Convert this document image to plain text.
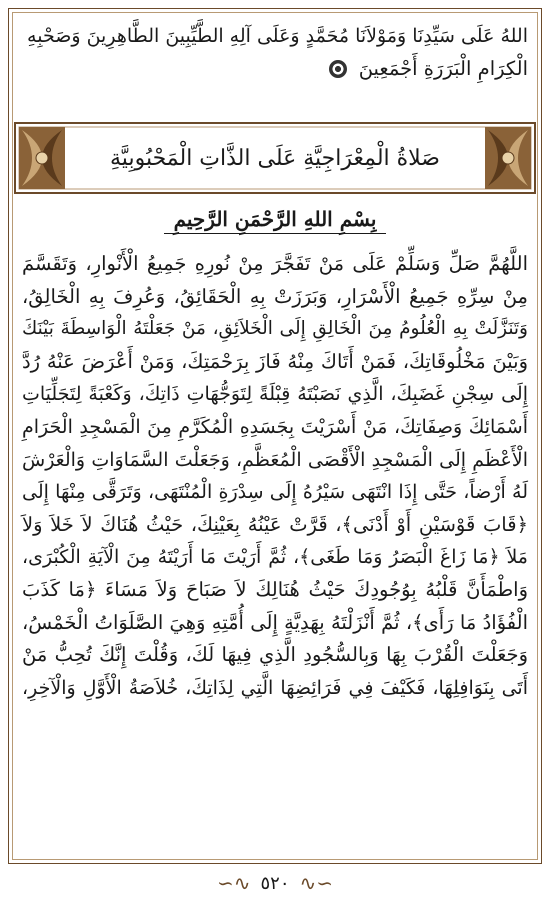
اللهُ عَلَى سَيِّدِنَا وَمَوْلاَنَا مُحَمَّدٍ وَعَلَى آلِهِ الطَّيِّبِينَ الطَّاهِرِينَ وَصَحْبِهِ
الْكِرَامِ الْبَرَرَةِ أَجْمَعِينَ
صَلاةُ الْمِعْرَاجِيَّةِ عَلَى الذَّاتِ الْمَحْبُوبِيَّةِ
بِسْمِ اللهِ الرَّحْمَنِ الرَّحِيمِ
اللَّهُمَّ صَلِّ وَسَلِّمْ عَلَى مَنْ تَفَجَّرَ مِنْ نُورِهِ جَمِيعُ الْأَنْوارِ، وَتَقَسَّمَ
مِنْ سِرِّهِ جَمِيعُ الْأَسْرَارِ، وَبَرَزَتْ بِهِ الْحَقَائِقُ، وَعُرِفَ بِهِ الْخَالِقُ،
وَتَنَزَّلَتْ بِهِ الْعُلُومُ مِنَ الْخَالِقِ إِلَى الْخَلاَئِقِ، مَنْ جَعَلْتَهُ الْوَاسِطَةَ بَيْنَكَ
وَبَيْنَ مَخْلُوقَاتِكَ، فَمَنْ أَتَاكَ مِنْهُ فَازَ بِرَحْمَتِكَ، وَمَنْ أَعْرَضَ عَنْهُ رُدَّ
إِلَى سِجْنِ غَضَبِكَ، الَّذِي نَصَبْتَهُ قِبْلَةً لِتَوَجُّهَاتِ ذَاتِكَ، وَكَعْبَةً لِتَجَلِّيَاتِ
أَسْمَائِكَ وَصِفَاتِكَ، مَنْ أَسْرَيْتَ بِجَسَدِهِ الْمُكَرَّمِ مِنَ الْمَسْجِدِ الْحَرَامِ
الْأَعْظَمِ إِلَى الْمَسْجِدِ الْأَقْصَى الْمُعَظَّمِ، وَجَعَلْتَ السَّمَاوَاتِ وَالْعَرْشَ
لَهُ أَرْضاً، حَتَّى إِذَا انْتَهَى سَيْرُهُ إِلَى سِدْرَةِ الْمُنْتَهَى، وَتَرَقَّى مِنْهَا إِلَى
﴿قَابَ قَوْسَيْنِ أَوْ أَدْنَى﴾، قَرَّتْ عَيْنُهُ بِعَيْنِكَ، حَيْثُ هُنَاكَ لاَ خَلاَ وَلاَ
مَلاَ ﴿مَا زَاغَ الْبَصَرُ وَمَا طَغَى﴾، ثُمَّ أَرَيْتَ مَا أَرَيْتَهُ مِنَ الْآيَةِ الْكُبْرَى،
وَاطْمَأَنَّ قَلْبُهُ بِوُجُودِكَ حَيْثُ هُنَالِكَ لاَ صَبَاحَ وَلاَ مَسَاءَ ﴿مَا كَذَبَ
الْفُؤَادُ مَا رَأَى﴾، ثُمَّ أَنْزَلْتَهُ بِهَدِيَّةٍ إِلَى أُمَّتِهِ وَهِيَ الصَّلَوَاتُ الْخَمْسُ،
وَجَعَلْتَ الْقُرْبَ بِهَا وَبِالسُّجُودِ الَّذِي فِيهَا لَكَ، وَقُلْتَ إِنَّكَ تُحِبُّ مَنْ
أَتَى بِنَوَافِلِهَا، فَكَيْفَ فِي فَرَائِضِهَا الَّتِي لِذَاتِكَ، خُلاَصَةُ الْأَوَّلِ وَالْآخِرِ،
∽∿ ٥٢٠ ∿∽
